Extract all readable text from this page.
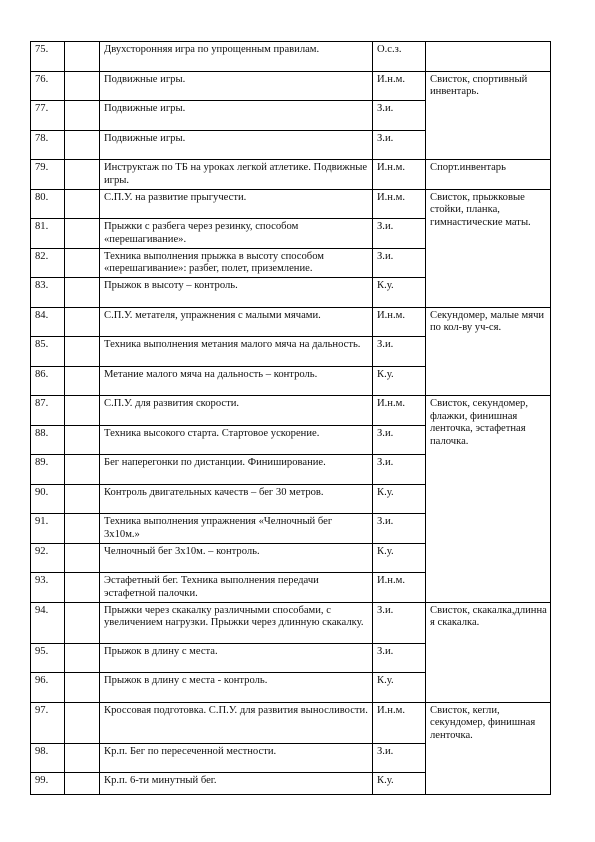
75.		Двухсторонняя игра по упрощенным правилам.	О.с.з.	
76.		Подвижные игры.	И.н.м.	Свисток, спортивный инвентарь.
77.		Подвижные игры.	З.и.	
78.		Подвижные игры.	З.и.	
79.		Инструктаж по ТБ на уроках легкой атлетике. Подвижные игры.	И.н.м.	Спорт.инвентарь
80.		С.П.У. на развитие прыгучести.	И.н.м.	Свисток, прыжковые стойки, планка, гимнастические маты.
81.		Прыжки с разбега через резинку, способом «перешагивание».	З.и.	
82.		Техника выполнения прыжка в высоту способом «перешагивание»: разбег, полет, приземление.	З.и.	
83.		Прыжок в высоту – контроль.	К.у.	
84.		С.П.У. метателя, упражнения с малыми мячами.	И.н.м.	Секундомер, малые мячи по кол-ву уч-ся.
85.		Техника выполнения метания малого мяча на дальность.	З.и.	
86.		Метание малого мяча на дальность – контроль.	К.у.	
87.		С.П.У. для развития скорости.	И.н.м.	Свисток, секундомер, флажки, финишная ленточка, эстафетная палочка.
88.		Техника высокого старта. Стартовое ускорение.	З.и.	
89.		Бег наперегонки по дистанции. Финиширование.	З.и.	
90.		Контроль двигательных качеств – бег 30 метров.	К.у.	
91.		Техника выполнения упражнения «Челночный бег 3х10м.»	З.и.	
92.		Челночный бег 3х10м. – контроль.	К.у.	
93.		Эстафетный бег. Техника выполнения передачи эстафетной палочки.	И.н.м.	
94.		Прыжки через скакалку различными способами, с увеличением нагрузки. Прыжки через длинную скакалку.	З.и.	Свисток, скакалка,длинна я скакалка.
95.		Прыжок в длину с места.	З.и.	
96.		Прыжок в длину с места - контроль.	К.у.	
97.		Кроссовая подготовка. С.П.У. для развития выносливости.	И.н.м.	Свисток, кегли, секундомер, финишная ленточка.
98.		Кр.п. Бег по пересеченной местности.	З.и.	
99.		Кр.п. 6-ти минутный бег.	К.у.	
